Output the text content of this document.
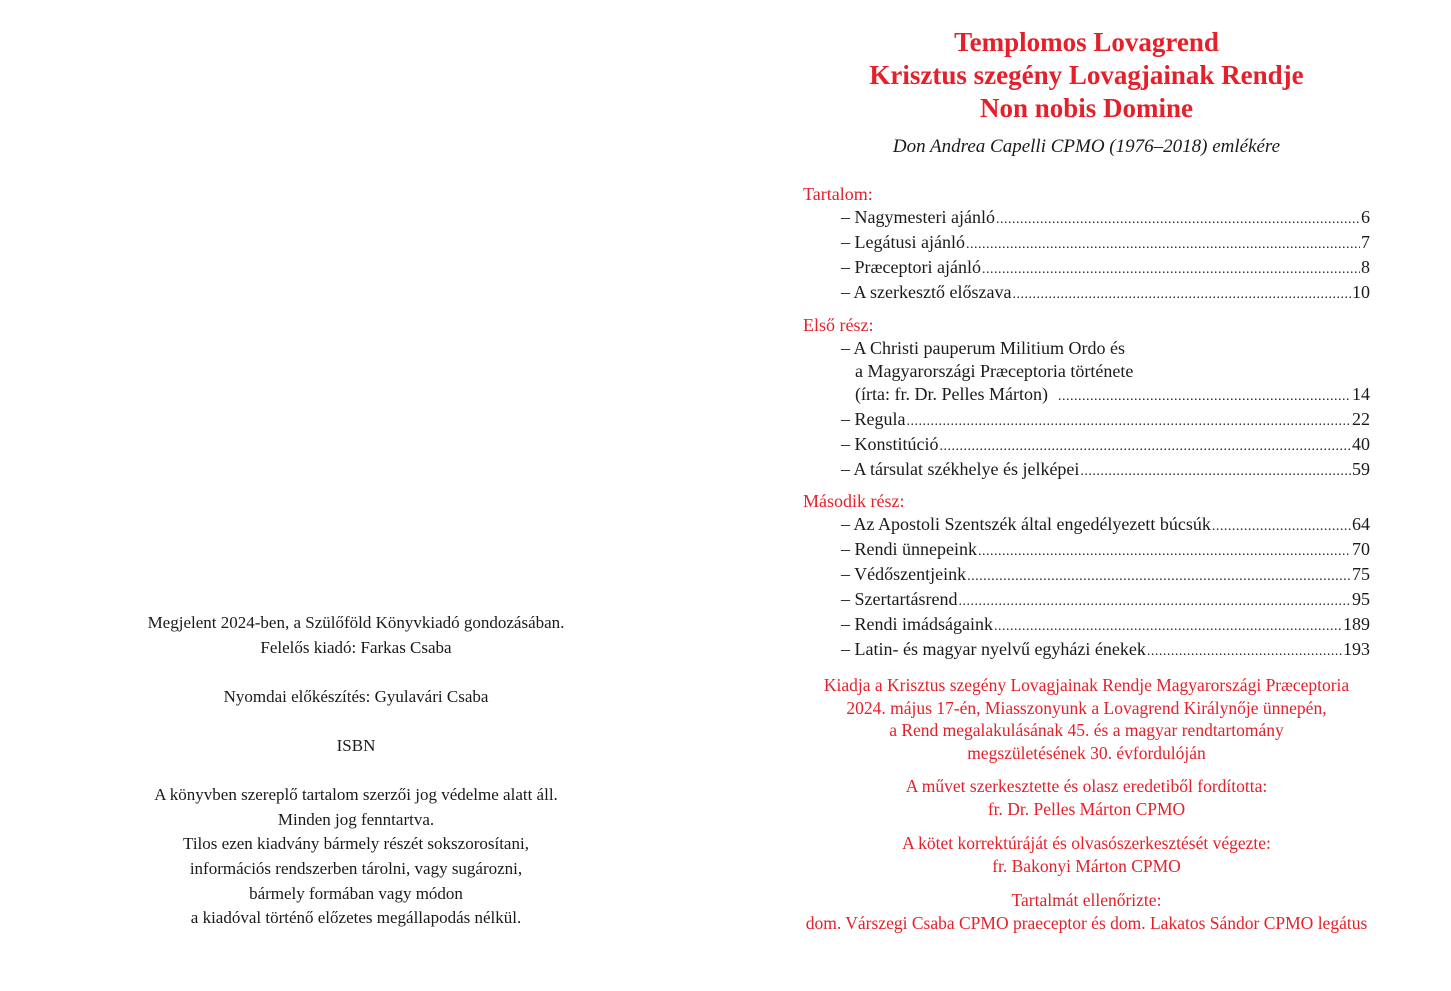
Megjelent 2024-ben, a Szülőföld Könyvkiadó gondozásában.
Felelős kiadó: Farkas Csaba
Nyomdai előkészítés: Gyulavári Csaba
ISBN
A könyvben szereplő tartalom szerzői jog védelme alatt áll.
Minden jog fenntartva.
Tilos ezen kiadvány bármely részét sokszorosítani,
információs rendszerben tárolni, vagy sugározni,
bármely formában vagy módon
a kiadóval történő előzetes megállapodás nélkül.
Templomos Lovagrend
Krisztus szegény Lovagjainak Rendje
Non nobis Domine
Don Andrea Capelli CPMO (1976–2018) emlékére
Tartalom:
– Nagymesteri ajánló .....	6
– Legátusi ajánló .....	7
– Præceptori ajánló .....	8
– A szerkesztő előszava .....	10
Első rész:
– A Christi pauperum Militium Ordo és
a Magyarországi Præceptoria története
(írta: fr. Dr. Pelles Márton) .....	14
– Regula .....	22
– Konstitúció .....	40
– A társulat székhelye és jelképei .....	59
Második rész:
– Az Apostoli Szentszék által engedélyezett búcsúk .....	64
– Rendi ünnepeink .....	70
– Védőszentjeink .....	75
– Szertartásrend .....	95
– Rendi imádságaink .....	189
– Latin- és magyar nyelvű egyházi énekek .....	193
Kiadja a Krisztus szegény Lovagjainak Rendje Magyarországi Præceptoria
2024. május 17-én, Miasszonyunk a Lovagrend Királynője ünnepén,
a Rend megalakulásának 45. és a magyar rendtartomány
megszületésének 30. évfordulóján
A művet szerkesztette és olasz eredetiből fordította:
fr. Dr. Pelles Márton CPMO
A kötet korrektúráját és olvasószerkesztését végezte:
fr. Bakonyi Márton CPMO
Tartalmát ellenőrizte:
dom. Várszegi Csaba CPMO praeceptor és dom. Lakatos Sándor CPMO legátus
